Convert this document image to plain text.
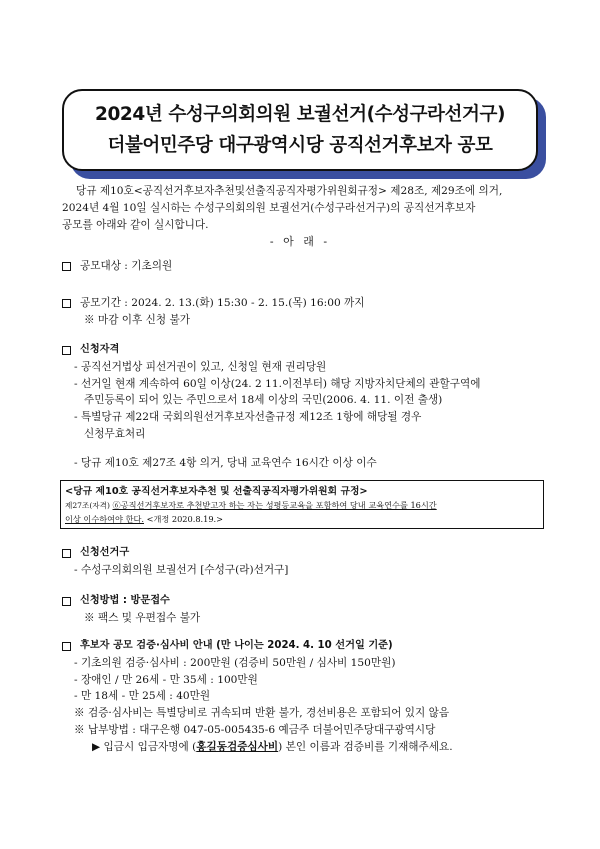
2024년 수성구의회의원 보궐선거(수성구라선거구)
더불어민주당 대구광역시당 공직선거후보자 공모

당규 제10호<공직선거후보자추천및선출직공직자평가위원회규정> 제28조, 제29조에 의거,

2024년 4월 10일 실시하는 수성구의회의원 보궐선거(수성구라선거구)의 공직선거후보자

공모를 아래와 같이 실시합니다.

- 아 래 -
공모대상 : 기초의원
공모기간 : 2024. 2. 13.(화) 15:30 - 2. 15.(목) 16:00 까지
※ 마감 이후 신청 불가
신청자격
- 공직선거법상 피선거권이 있고, 신청일 현재 권리당원
- 선거일 현재 계속하여 60일 이상(24. 2 11.이전부터) 해당 지방자치단체의 관할구역에
주민등록이 되어 있는 주민으로서 18세 이상의 국민(2006. 4. 11. 이전 출생)
- 특별당규 제22대 국회의원선거후보자선출규정 제12조 1항에 해당될 경우
신청무효처리
- 당규 제10호 제27조 4항 의거, 당내 교육연수 16시간 이상 이수
<당규 제10호 공직선거후보자추천 및 선출직공직자평가위원회 규정>
제27조(자격) ⑥공직선거후보자로 추천받고자 하는 자는 성평등교육을 포함하여 당내 교육연수를 16시간
이상 이수하여야 한다. <개정 2020.8.19.>
신청선거구
- 수성구의회의원 보궐선거 [수성구(라)선거구]
신청방법 : 방문접수
※ 팩스 및 우편접수 불가
후보자 공모 검증·심사비 안내 (만 나이는 2024. 4. 10 선거일 기준)
- 기초의원 검증·심사비 : 200만원 (검증비 50만원 / 심사비 150만원)
- 장애인 / 만 26세 - 만 35세 : 100만원
- 만 18세 - 만 25세 : 40만원
※ 검증·심사비는 특별당비로 귀속되며 반환 불가, 경선비용은 포함되어 있지 않음
※ 납부방법 : 대구은행 047-05-005435-6 예금주 더불어민주당대구광역시당
▶ 입금시 입금자명에 (홍길동검증심사비) 본인 이름과 검증비를 기재해주세요.
